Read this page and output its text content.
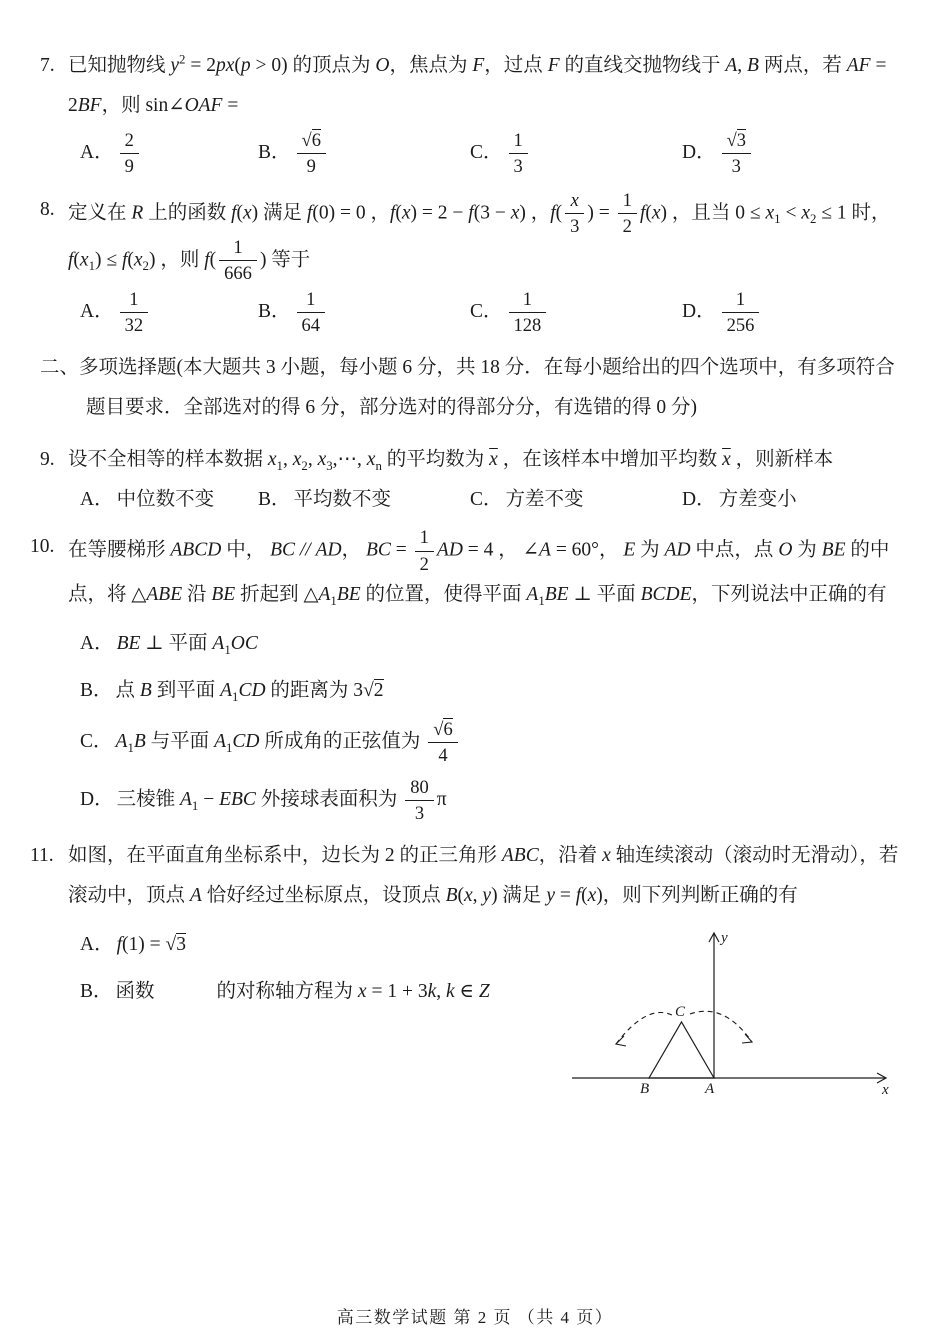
7. 已知抛物线 $y^2 = 2px(p > 0)$ 的顶点为 O，焦点为 F，过点 F 的直线交抛物线于 A, B 两点，若 AF = 2BF，则 sin∠OAF =
A． $\frac{2}{9}$	B． $\frac{√6}{9}$	C． $\frac{1}{3}$	D． $\frac{√3}{3}$
8. 定义在 R 上的函数 f(x) 满足 f(0) = 0 ，f(x) = 2 − f(3 − x) ，$f( \frac{x}{3}$ ) = $\frac{1}{2} f(x)$ ，且当 $0 \le x_1 < x_2 \le 1$ 时， $f(x_1) \le f(x_2)$ ，则 $f( \frac{1}{666}$ ) 等于
A． $\frac{1}{32}$	B． $\frac{1}{64}$	C． $\frac{1}{128}$	D． $\frac{1}{256}$
二、多项选择题(本大题共 3 小题，每小题 6 分，共 18 分．在每小题给出的四个选项中，有多项符合题目要求．全部选对的得 6 分，部分选对的得部分分，有选错的得 0 分)
9. 设不全相等的样本数据 $x_1$, $x_2$, $x_3,\cdots$, $x_n$ 的平均数为 $\overline{x}$ ，在该样本中增加平均数 $\overline{x}$ ，则新样本
A． 中位数不变	B． 平均数不变	C． 方差不变	D． 方差变小
10. 在等腰梯形 ABCD 中， BC // AD， BC = $\frac{1}{2}$ AD = 4 ， ∠A = 60°， E 为 AD 中点，点 O 为 BE 的中点，将 △ABE 沿 BE 折起到 $\triangle A_1BE$ 的位置，使得平面 $A_1BE$ ⊥ 平面 BCDE，下列说法中正确的有
A． BE ⊥ 平面 $A_1OC$
B． 点 B 到平面 $A_1CD$ 的距离为 3√2
C． $A_1B$ 与平面 $A_1CD$ 所成角的正弦值为 $\frac{√6}{4}$
D． 三棱锥 $A_1$ − EBC 外接球表面积为 $\frac{80}{3}$ π
11. 如图，在平面直角坐标系中，边长为 2 的正三角形 ABC，沿着 x 轴连续滚动（滚动时无滑动），若滚动中，顶点 A 恰好经过坐标原点，设顶点 B(x, y) 满足 y = f(x)，则下列判断正确的有
A． f(1) = √3
B． 函数	的对称轴方程为 x = 1 + 3k, k ∈ Z
y
x
C
B	A
高三数学试题 第 2 页 （共 4 页）
